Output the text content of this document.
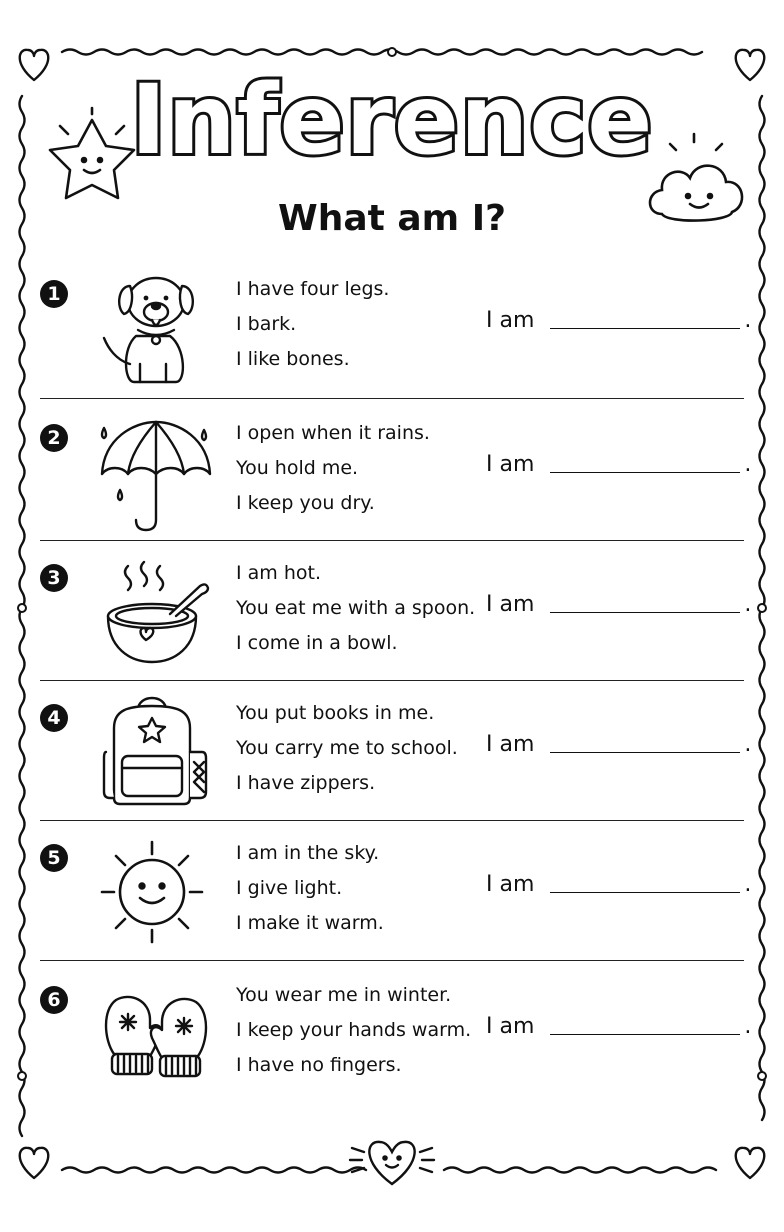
Inference
What am I?
1	I have four legs.
I bark.
I like bones.
I am	.
2	I open when it rains.
You hold me.
I keep you dry.
I am	.
3	I am hot.
You eat me with a spoon.
I come in a bowl.
I am	.
4	You put books in me.
You carry me to school.
I have zippers.
I am	.
5	I am in the sky.
I give light.
I make it warm.
I am	.
6	You wear me in winter.
I keep your hands warm.
I have no fingers.
I am	.
